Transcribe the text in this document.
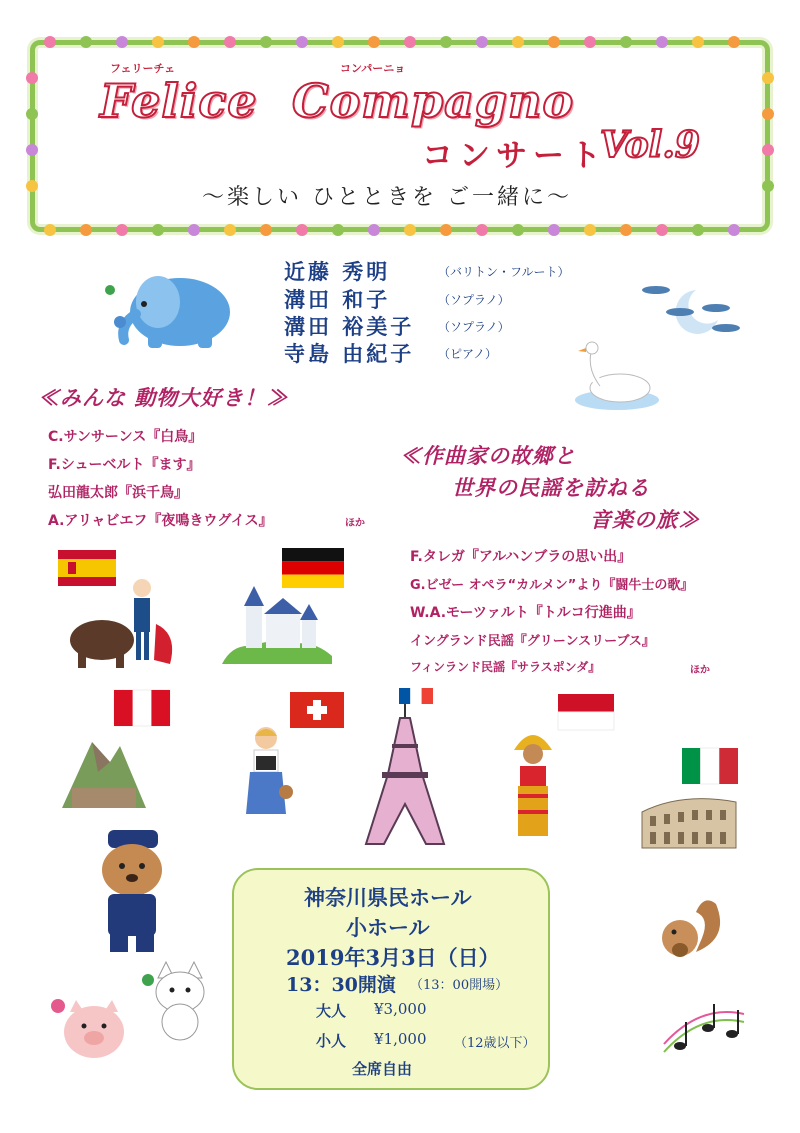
フェリーチェ	コンパーニョ
Felice Compagno
コンサート
Vol.9
～楽しい ひとときを ご一緒に～
近藤 秀明	（バリトン・フルート）
溝田 和子	（ソプラノ）
溝田 裕美子 （ソプラノ）
寺島 由紀子 （ピアノ）
≪みんな 動物大好き！≫
C.サンサーンス『白鳥』
F.シューベルト『ます』
弘田龍太郎『浜千鳥』
A.アリャビエフ『夜鳴きウグイス』	ほか
≪作曲家の故郷と
世界の民謡を訪ねる
音楽の旅≫
F.タレガ『アルハンブラの思い出』
G.ビゼー オペラ“カルメン”より『闘牛士の歌』
W.A.モーツァルト『トルコ行進曲』
イングランド民謡『グリーンスリーブス』
フィンランド民謡『サラスポンダ』	ほか
神奈川県民ホール
小ホール
2019年3月3日（日）
13：30開演 （13：00開場）
大人 ¥3,000
小人 ¥1,000 （12歳以下）
全席自由
